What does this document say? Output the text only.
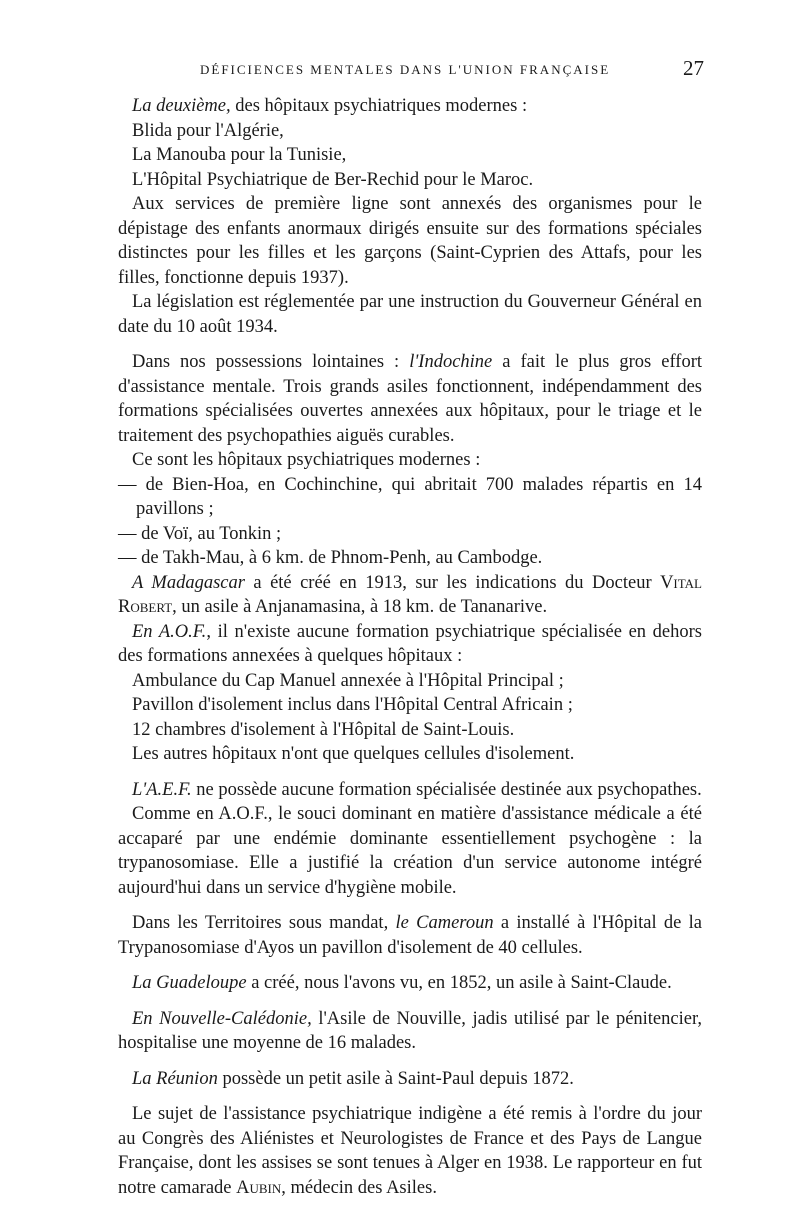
DÉFICIENCES MENTALES DANS L'UNION FRANÇAISE	27

La deuxième, des hôpitaux psychiatriques modernes :

Blida pour l'Algérie,

La Manouba pour la Tunisie,

L'Hôpital Psychiatrique de Ber-Rechid pour le Maroc.

Aux services de première ligne sont annexés des organismes pour le dépistage des enfants anormaux dirigés ensuite sur des formations spéciales distinctes pour les filles et les garçons (Saint-Cyprien des Attafs, pour les filles, fonctionne depuis 1937).

La législation est réglementée par une instruction du Gouverneur Général en date du 10 août 1934.

Dans nos possessions lointaines : l'Indochine a fait le plus gros effort d'assistance mentale. Trois grands asiles fonctionnent, indépendamment des formations spécialisées ouvertes annexées aux hôpitaux, pour le triage et le traitement des psychopathies aiguës curables.

Ce sont les hôpitaux psychiatriques modernes :

— de Bien-Hoa, en Cochinchine, qui abritait 700 malades répartis en 14 pavillons ;

— de Voï, au Tonkin ;

— de Takh-Mau, à 6 km. de Phnom-Penh, au Cambodge.

A Madagascar a été créé en 1913, sur les indications du Docteur Vital Robert, un asile à Anjanamasina, à 18 km. de Tananarive.

En A.O.F., il n'existe aucune formation psychiatrique spécialisée en dehors des formations annexées à quelques hôpitaux :

Ambulance du Cap Manuel annexée à l'Hôpital Principal ;

Pavillon d'isolement inclus dans l'Hôpital Central Africain ;

12 chambres d'isolement à l'Hôpital de Saint-Louis.

Les autres hôpitaux n'ont que quelques cellules d'isolement.

L'A.E.F. ne possède aucune formation spécialisée destinée aux psychopathes.

Comme en A.O.F., le souci dominant en matière d'assistance médicale a été accaparé par une endémie dominante essentiellement psychogène : la trypanosomiase. Elle a justifié la création d'un service autonome intégré aujourd'hui dans un service d'hygiène mobile.

Dans les Territoires sous mandat, le Cameroun a installé à l'Hôpital de la Trypanosomiase d'Ayos un pavillon d'isolement de 40 cellules.

La Guadeloupe a créé, nous l'avons vu, en 1852, un asile à Saint-Claude.

En Nouvelle-Calédonie, l'Asile de Nouville, jadis utilisé par le pénitencier, hospitalise une moyenne de 16 malades.

La Réunion possède un petit asile à Saint-Paul depuis 1872.

Le sujet de l'assistance psychiatrique indigène a été remis à l'ordre du jour au Congrès des Aliénistes et Neurologistes de France et des Pays de Langue Française, dont les assises se sont tenues à Alger en 1938. Le rapporteur en fut notre camarade Aubin, médecin des Asiles.
